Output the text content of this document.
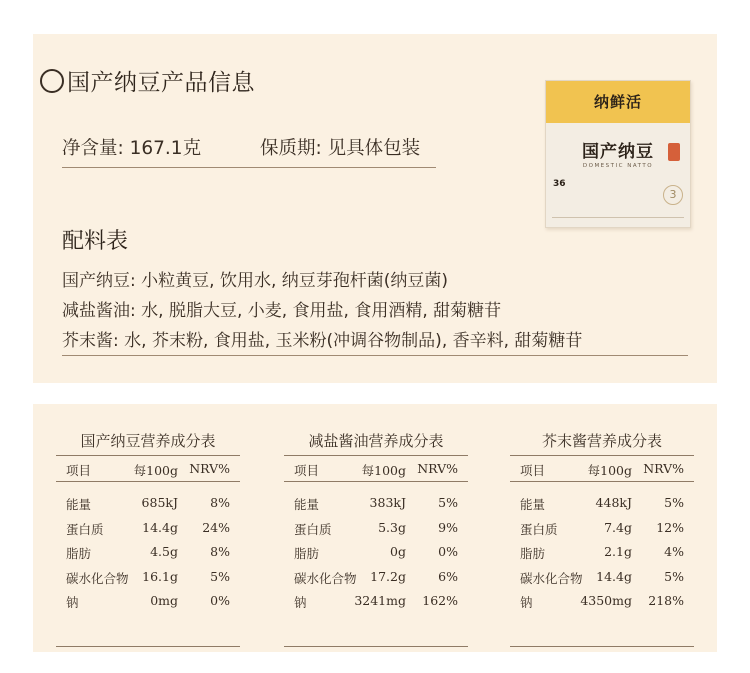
国产纳豆产品信息
净含量: 167.1克	保质期: 见具体包装
配料表
国产纳豆: 小粒黄豆, 饮用水, 纳豆芽孢杆菌(纳豆菌)
减盐酱油: 水, 脱脂大豆, 小麦, 食用盐, 食用酒精, 甜菊糖苷
芥末酱: 水, 芥末粉, 食用盐, 玉米粉(冲调谷物制品), 香辛料, 甜菊糖苷
纳鲜活
国产纳豆
DOMESTIC NATTO
36
3
国产纳豆营养成分表
项目	每100g NRV%
能量	685kJ	8%
蛋白质	14.4g 24%
脂肪	4.5g	8%
碳水化合物 16.1g	5%
钠	0mg	0%
减盐酱油营养成分表
项目	每100g NRV%
能量	383kJ	5%
蛋白质	5.3g	9%
脂肪	0g	0%
碳水化合物 17.2g	6%
钠	3241mg 162%
芥末酱营养成分表
项目	每100g NRV%
能量	448kJ	5%
蛋白质	7.4g 12%
脂肪	2.1g	4%
碳水化合物 14.4g	5%
钠	4350mg 218%
